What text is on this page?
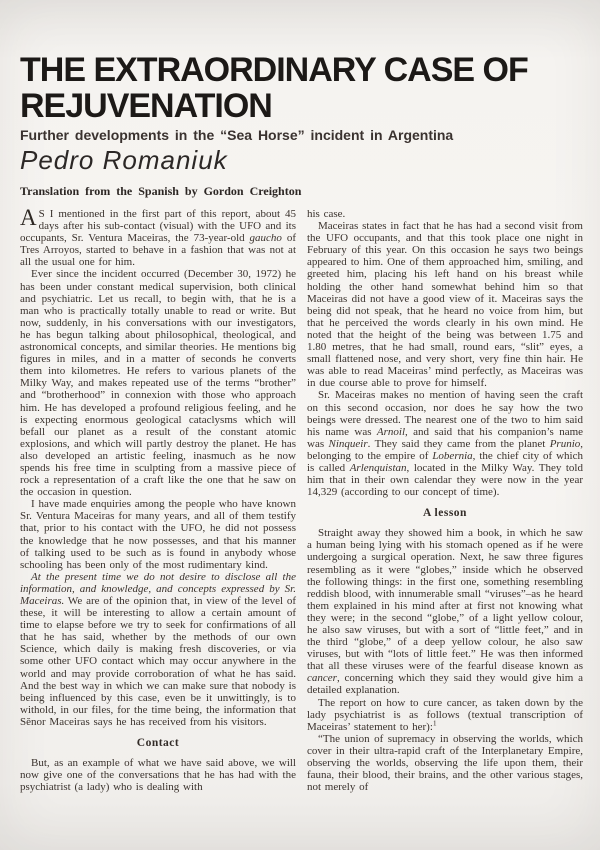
THE EXTRAORDINARY CASE OF
REJUVENATION

Further developments in the “Sea Horse” incident in Argentina

Pedro Romaniuk

Translation from the Spanish by Gordon Creighton

A S I mentioned in the first part of this report, about 45 days after his sub-contact (visual) with the UFO and its occupants, Sr. Ventura Maceiras, the 73-year-old gaucho of Tres Arroyos, started to behave in a fashion that was not at all the usual one for him.

Ever since the incident occurred (December 30, 1972) he has been under constant medical supervision, both clinical and psychiatric. Let us recall, to begin with, that he is a man who is practically totally unable to read or write. But now, suddenly, in his conversations with our investigators, he has begun talking about philosophical, theological, and astronomical concepts, and similar theories. He mentions big figures in miles, and in a matter of seconds he converts them into kilometres. He refers to various planets of the Milky Way, and makes repeated use of the terms “brother” and “brotherhood” in connexion with those who approach him. He has developed a profound religious feeling, and he is expecting enormous geological cataclysms which will befall our planet as a result of the constant atomic explosions, and which will partly destroy the planet. He has also developed an artistic feeling, inasmuch as he now spends his free time in sculpting from a massive piece of rock a representation of a craft like the one that he saw on the occasion in question.

I have made enquiries among the people who have known Sr. Ventura Maceiras for many years, and all of them testify that, prior to his contact with the UFO, he did not possess the knowledge that he now possesses, and that his manner of talking used to be such as is found in anybody whose schooling has been only of the most rudimentary kind.

At the present time we do not desire to disclose all the information, and knowledge, and concepts expressed by Sr. Maceiras. We are of the opinion that, in view of the level of these, it will be interesting to allow a certain amount of time to elapse before we try to seek for confirmations of all that he has said, whether by the methods of our own Science, which daily is making fresh discoveries, or via some other UFO contact which may occur anywhere in the world and may provide corroboration of what he has said. And the best way in which we can make sure that nobody is being influenced by this case, even be it unwittingly, is to withold, in our files, for the time being, the information that Sĕnor Maceiras says he has received from his visitors.

Contact

But, as an example of what we have said above, we will now give one of the conversations that he has had with the psychiatrist (a lady) who is dealing with

his case.

Maceiras states in fact that he has had a second visit from the UFO occupants, and that this took place one night in February of this year. On this occasion he says two beings appeared to him. One of them approached him, smiling, and greeted him, placing his left hand on his breast while holding the other hand somewhat behind him so that Maceiras did not have a good view of it. Maceiras says the being did not speak, that he heard no voice from him, but that he perceived the words clearly in his own mind. He noted that the height of the being was between 1.75 and 1.80 metres, that he had small, round ears, “slit” eyes, a small flattened nose, and very short, very fine thin hair. He was able to read Maceiras’ mind perfectly, as Maceiras was in due course able to prove for himself.

Sr. Maceiras makes no mention of having seen the craft on this second occasion, nor does he say how the two beings were dressed. The nearest one of the two to him said his name was Arnoil, and said that his companion’s name was Ninqueir. They said they came from the planet Prunio, belonging to the empire of Lobernia, the chief city of which is called Arlenquistan, located in the Milky Way. They told him that in their own calendar they were now in the year 14,329 (according to our concept of time).

A lesson

Straight away they showed him a book, in which he saw a human being lying with his stomach opened as if he were undergoing a surgical operation. Next, he saw three figures resembling as it were “globes,” inside which he observed the following things: in the first one, something resembling reddish blood, with innumerable small “viruses”–as he heard them explained in his mind after at first not knowing what they were; in the second “globe,” of a light yellow colour, he also saw viruses, but with a sort of “little feet,” and in the third “globe,” of a deep yellow colour, he also saw viruses, but with “lots of little feet.” He was then informed that all these viruses were of the fearful disease known as cancer, concerning which they said they would give him a detailed explanation.

The report on how to cure cancer, as taken down by the lady psychiatrist is as follows (textual transcription of Maceiras’ statement to her):$^1$

“The union of supremacy in observing the worlds, which cover in their ultra-rapid craft of the Interplanetary Empire, observing the worlds, observing the life upon them, their fauna, their blood, their brains, and the other various stages, not merely of
